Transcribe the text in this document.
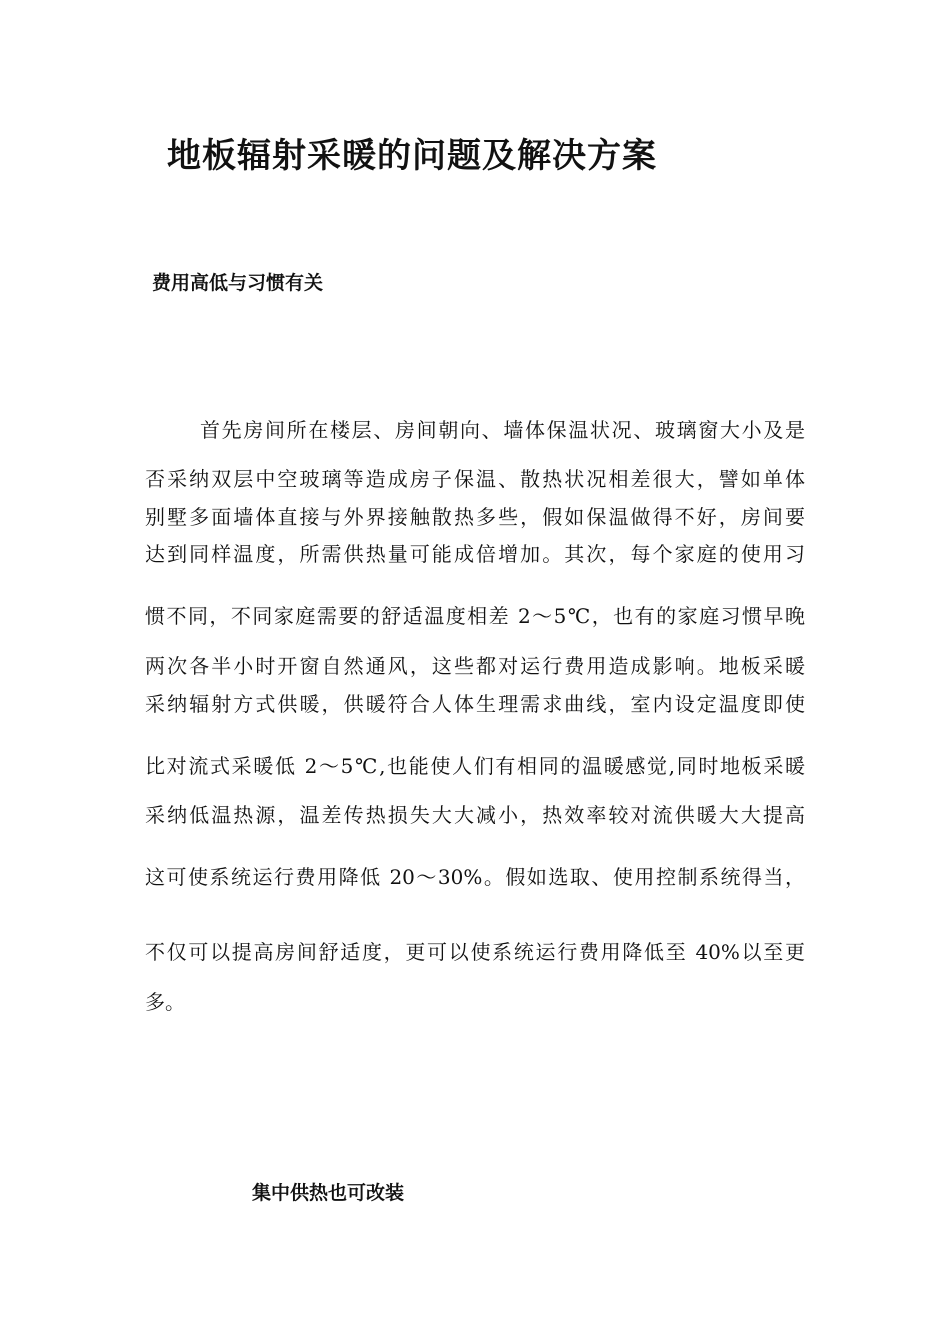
地板辐射采暖的问题及解决方案
费用高低与习惯有关
首先房间所在楼层、房间朝向、墙体保温状况、玻璃窗大小及是
否采纳双层中空玻璃等造成房子保温、散热状况相差很大，譬如单体
别墅多面墙体直接与外界接触散热多些，假如保温做得不好，房间要
达到同样温度，所需供热量可能成倍增加。其次，每个家庭的使用习
惯不同，不同家庭需要的舒适温度相差 2～5℃，也有的家庭习惯早晚
两次各半小时开窗自然通风，这些都对运行费用造成影响。地板采暖
采纳辐射方式供暖，供暖符合人体生理需求曲线，室内设定温度即使
比对流式采暖低 2～5℃,也能使人们有相同的温暖感觉,同时地板采暖
采纳低温热源，温差传热损失大大减小，热效率较对流供暖大大提高
这可使系统运行费用降低 20～30%。假如选取、使用控制系统得当，
不仅可以提高房间舒适度，更可以使系统运行费用降低至 40%以至更
多。
集中供热也可改装
